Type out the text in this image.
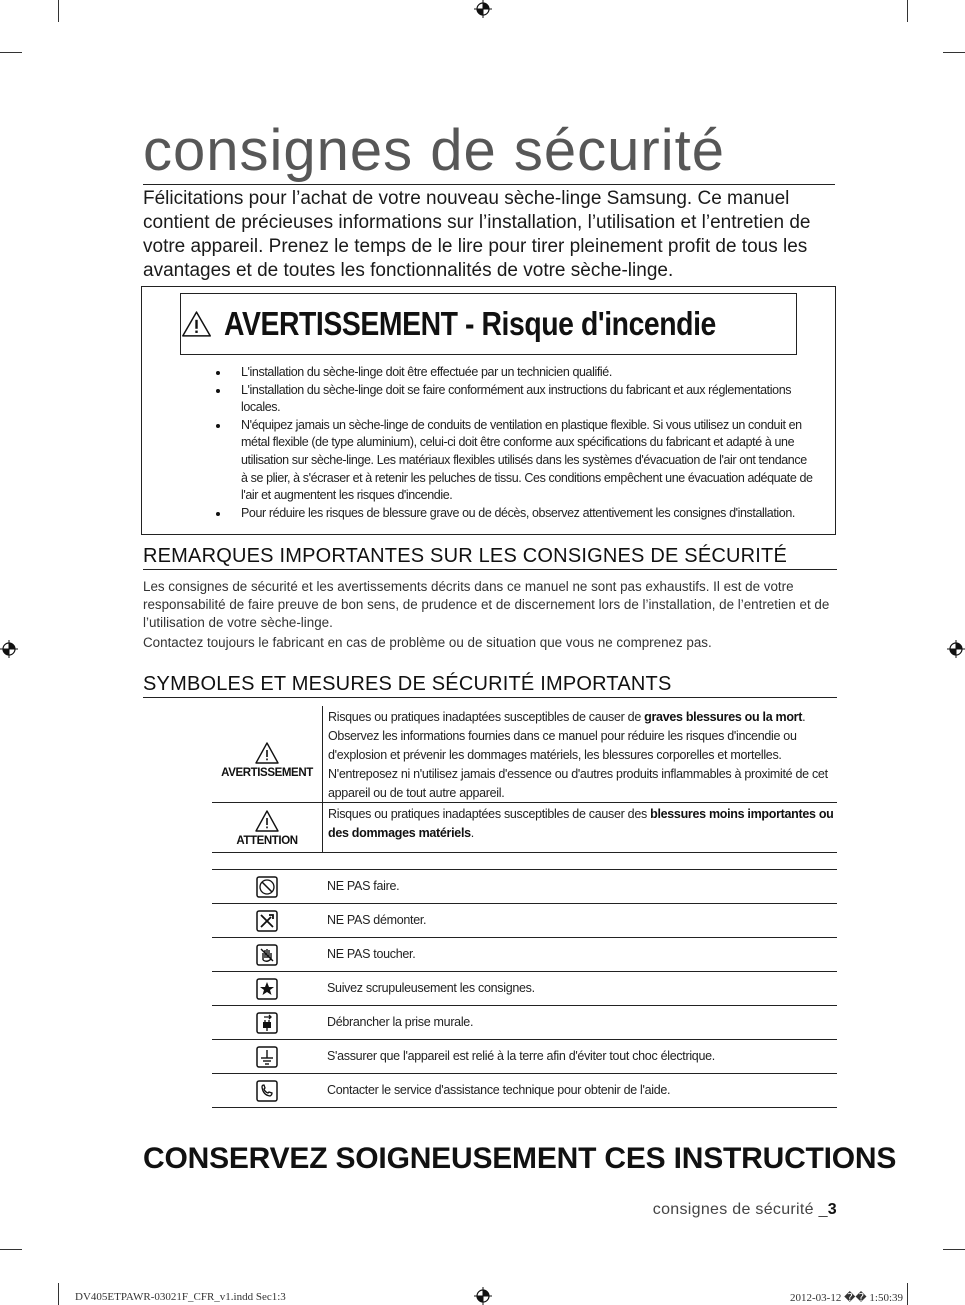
consignes de sécurité
Félicitations pour l’achat de votre nouveau sèche-linge Samsung. Ce manuel contient de précieuses informations sur l’installation, l’utilisation et l’entretien de votre appareil. Prenez le temps de le lire pour tirer pleinement profit de tous les avantages et de toutes les fonctionnalités de votre sèche-linge.
AVERTISSEMENT - Risque d'incendie
L'installation du sèche-linge doit être effectuée par un technicien qualifié.
L'installation du sèche-linge doit se faire conformément aux instructions du fabricant et aux réglementations locales.
N'équipez jamais un sèche-linge de conduits de ventilation en plastique flexible. Si vous utilisez un conduit en métal flexible (de type aluminium), celui-ci doit être conforme aux spécifications du fabricant et adapté à une utilisation sur sèche-linge. Les matériaux flexibles utilisés dans les systèmes d'évacuation de l'air ont tendance à se plier, à s'écraser et à retenir les peluches de tissu. Ces conditions empêchent une évacuation adéquate de l'air et augmentent les risques d'incendie.
Pour réduire les risques de blessure grave ou de décès, observez attentivement les consignes d'installation.
REMARQUES IMPORTANTES SUR LES CONSIGNES DE SÉCURITÉ
Les consignes de sécurité et les avertissements décrits dans ce manuel ne sont pas exhaustifs. Il est de votre responsabilité de faire preuve de bon sens, de prudence et de discernement lors de l’installation, de l’entretien et de l’utilisation de votre sèche-linge.
Contactez toujours le fabricant en cas de problème ou de situation que vous ne comprenez pas.
SYMBOLES ET MESURES DE SÉCURITÉ IMPORTANTS
AVERTISSEMENT
Risques ou pratiques inadaptées susceptibles de causer de graves blessures ou la mort.
Observez les informations fournies dans ce manuel pour réduire les risques d'incendie ou d'explosion et prévenir les dommages matériels, les blessures corporelles et mortelles.
N'entreposez ni n'utilisez jamais d'essence ou d'autres produits inflammables à proximité de cet appareil ou de tout autre appareil.
ATTENTION
Risques ou pratiques inadaptées susceptibles de causer des blessures moins importantes ou des dommages matériels.
NE PAS faire.
NE PAS démonter.
NE PAS toucher.
Suivez scrupuleusement les consignes.
Débrancher la prise murale.
S'assurer que l'appareil est relié à la terre afin d'éviter tout choc électrique.
Contacter le service d'assistance technique pour obtenir de l'aide.
CONSERVEZ SOIGNEUSEMENT CES INSTRUCTIONS
consignes de sécurité _3
DV405ETPAWR-03021F_CFR_v1.indd Sec1:3	2012-03-12 �� 1:50:39
